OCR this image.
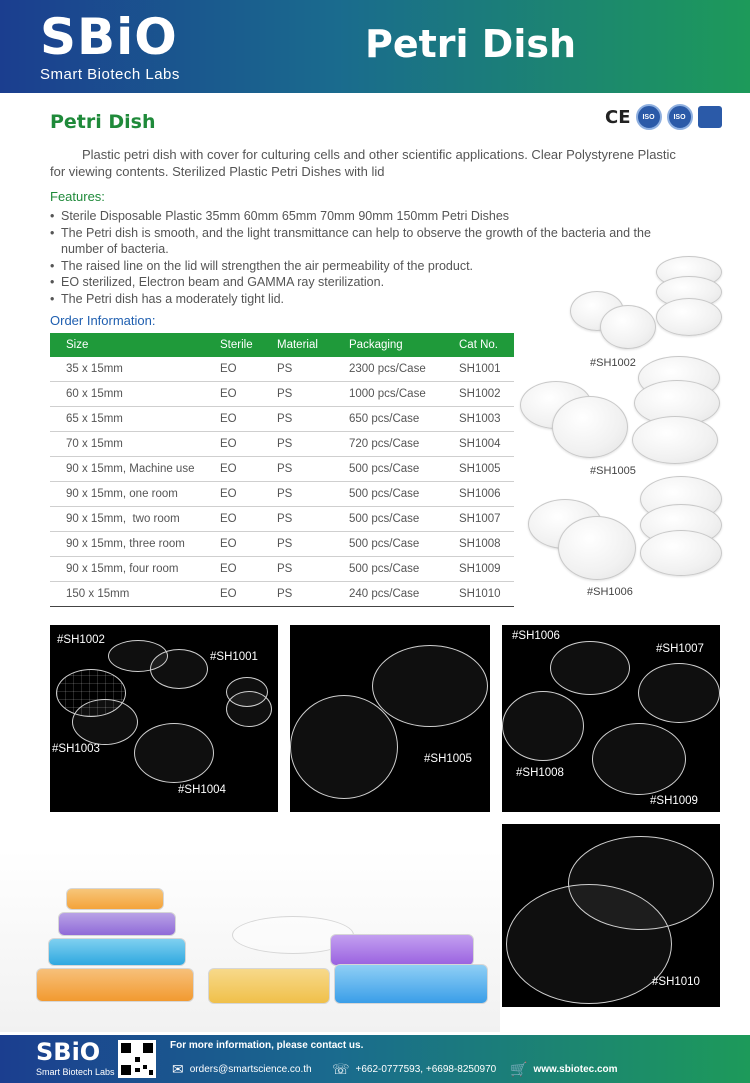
SBiO
Smart Biotech Labs
Petri Dish
Petri Dish	CE	ISO	ISO
Plastic petri dish with cover for culturing cells and other scientific applications. Clear Polystyrene Plastic for viewing contents. Sterilized Plastic Petri Dishes with lid
Features:
• Sterile Disposable Plastic 35mm 60mm 65mm 70mm 90mm 150mm Petri Dishes
• The Petri dish is smooth, and the light transmittance can help to observe the growth of the bacteria and the number of bacteria.
• The raised line on the lid will strengthen the air permeability of the product.
• EO sterilized, Electron beam and GAMMA ray sterilization.
• The Petri dish has a moderately tight lid.
Order Information:
Size	Sterile	Material	Packaging	Cat No.
35 x 15mm	EO	PS	2300 pcs/Case	SH1001
60 x 15mm	EO	PS	1000 pcs/Case	SH1002
65 x 15mm	EO	PS	650 pcs/Case	SH1003
70 x 15mm	EO	PS	720 pcs/Case	SH1004
90 x 15mm, Machine use	EO	PS	500 pcs/Case	SH1005
90 x 15mm, one room	EO	PS	500 pcs/Case	SH1006
90 x 15mm,  two room	EO	PS	500 pcs/Case	SH1007
90 x 15mm, three room	EO	PS	500 pcs/Case	SH1008
90 x 15mm, four room	EO	PS	500 pcs/Case	SH1009
150 x 15mm	EO	PS	240 pcs/Case	SH1010
#SH1002
#SH1005
#SH1006
#SH1002
#SH1001
#SH1003
#SH1004
#SH1005
#SH1006
#SH1007
#SH1008
#SH1009
#SH1010
SBiO
Smart Biotech Labs
For more information, please contact us.
✉ orders@smartscience.co.th ☏ +662-0777593, +6698-8250970 🛒 www.sbiotec.com
